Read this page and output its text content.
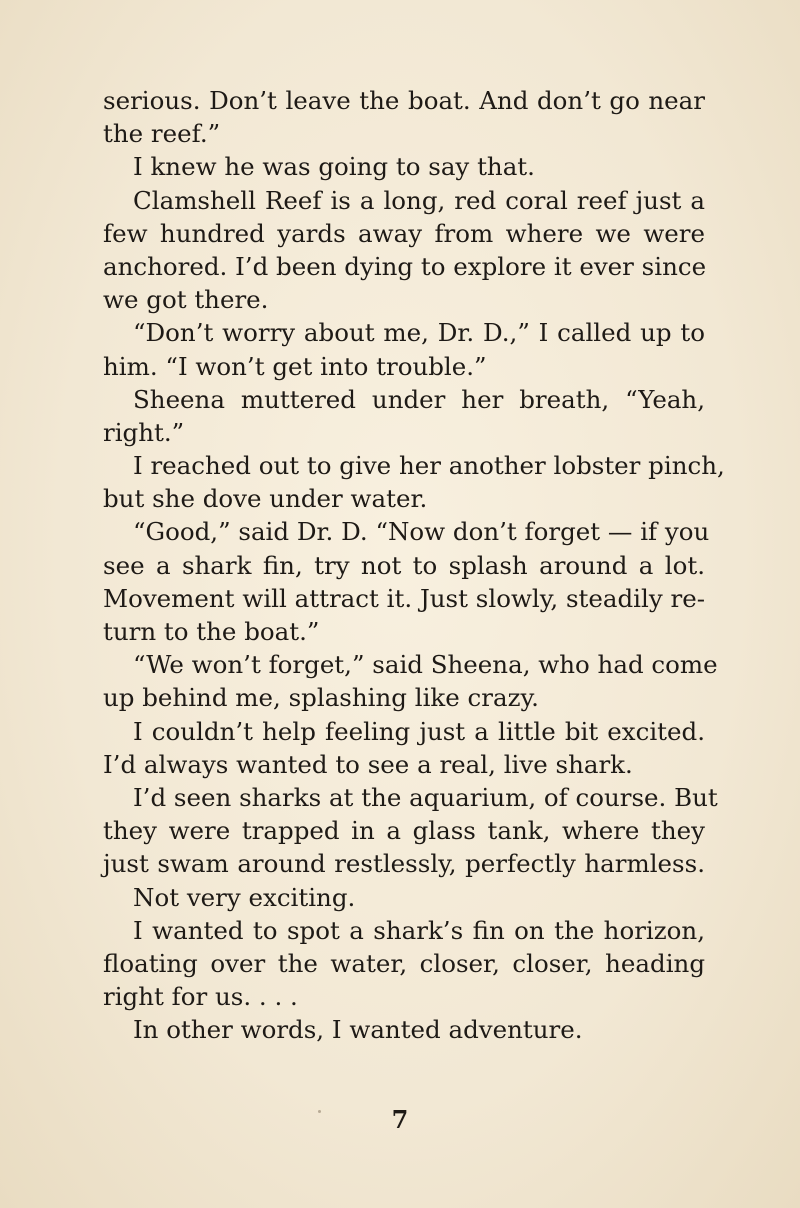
serious. Don’t leave the boat. And don’t go near
the reef.”
I knew he was going to say that.
Clamshell Reef is a long, red coral reef just a
few hundred yards away from where we were
anchored. I’d been dying to explore it ever since
we got there.
“Don’t worry about me, Dr. D.,” I called up to
him. “I won’t get into trouble.”
Sheena muttered under her breath, “Yeah,
right.”
I reached out to give her another lobster pinch,
but she dove under water.
“Good,” said Dr. D. “Now don’t forget — if you
see a shark fin, try not to splash around a lot.
Movement will attract it. Just slowly, steadily re-
turn to the boat.”
“We won’t forget,” said Sheena, who had come
up behind me, splashing like crazy.
I couldn’t help feeling just a little bit excited.
I’d always wanted to see a real, live shark.
I’d seen sharks at the aquarium, of course. But
they were trapped in a glass tank, where they
just swam around restlessly, perfectly harmless.
Not very exciting.
I wanted to spot a shark’s fin on the horizon,
floating over the water, closer, closer, heading
right for us. . . .
In other words, I wanted adventure.
7
